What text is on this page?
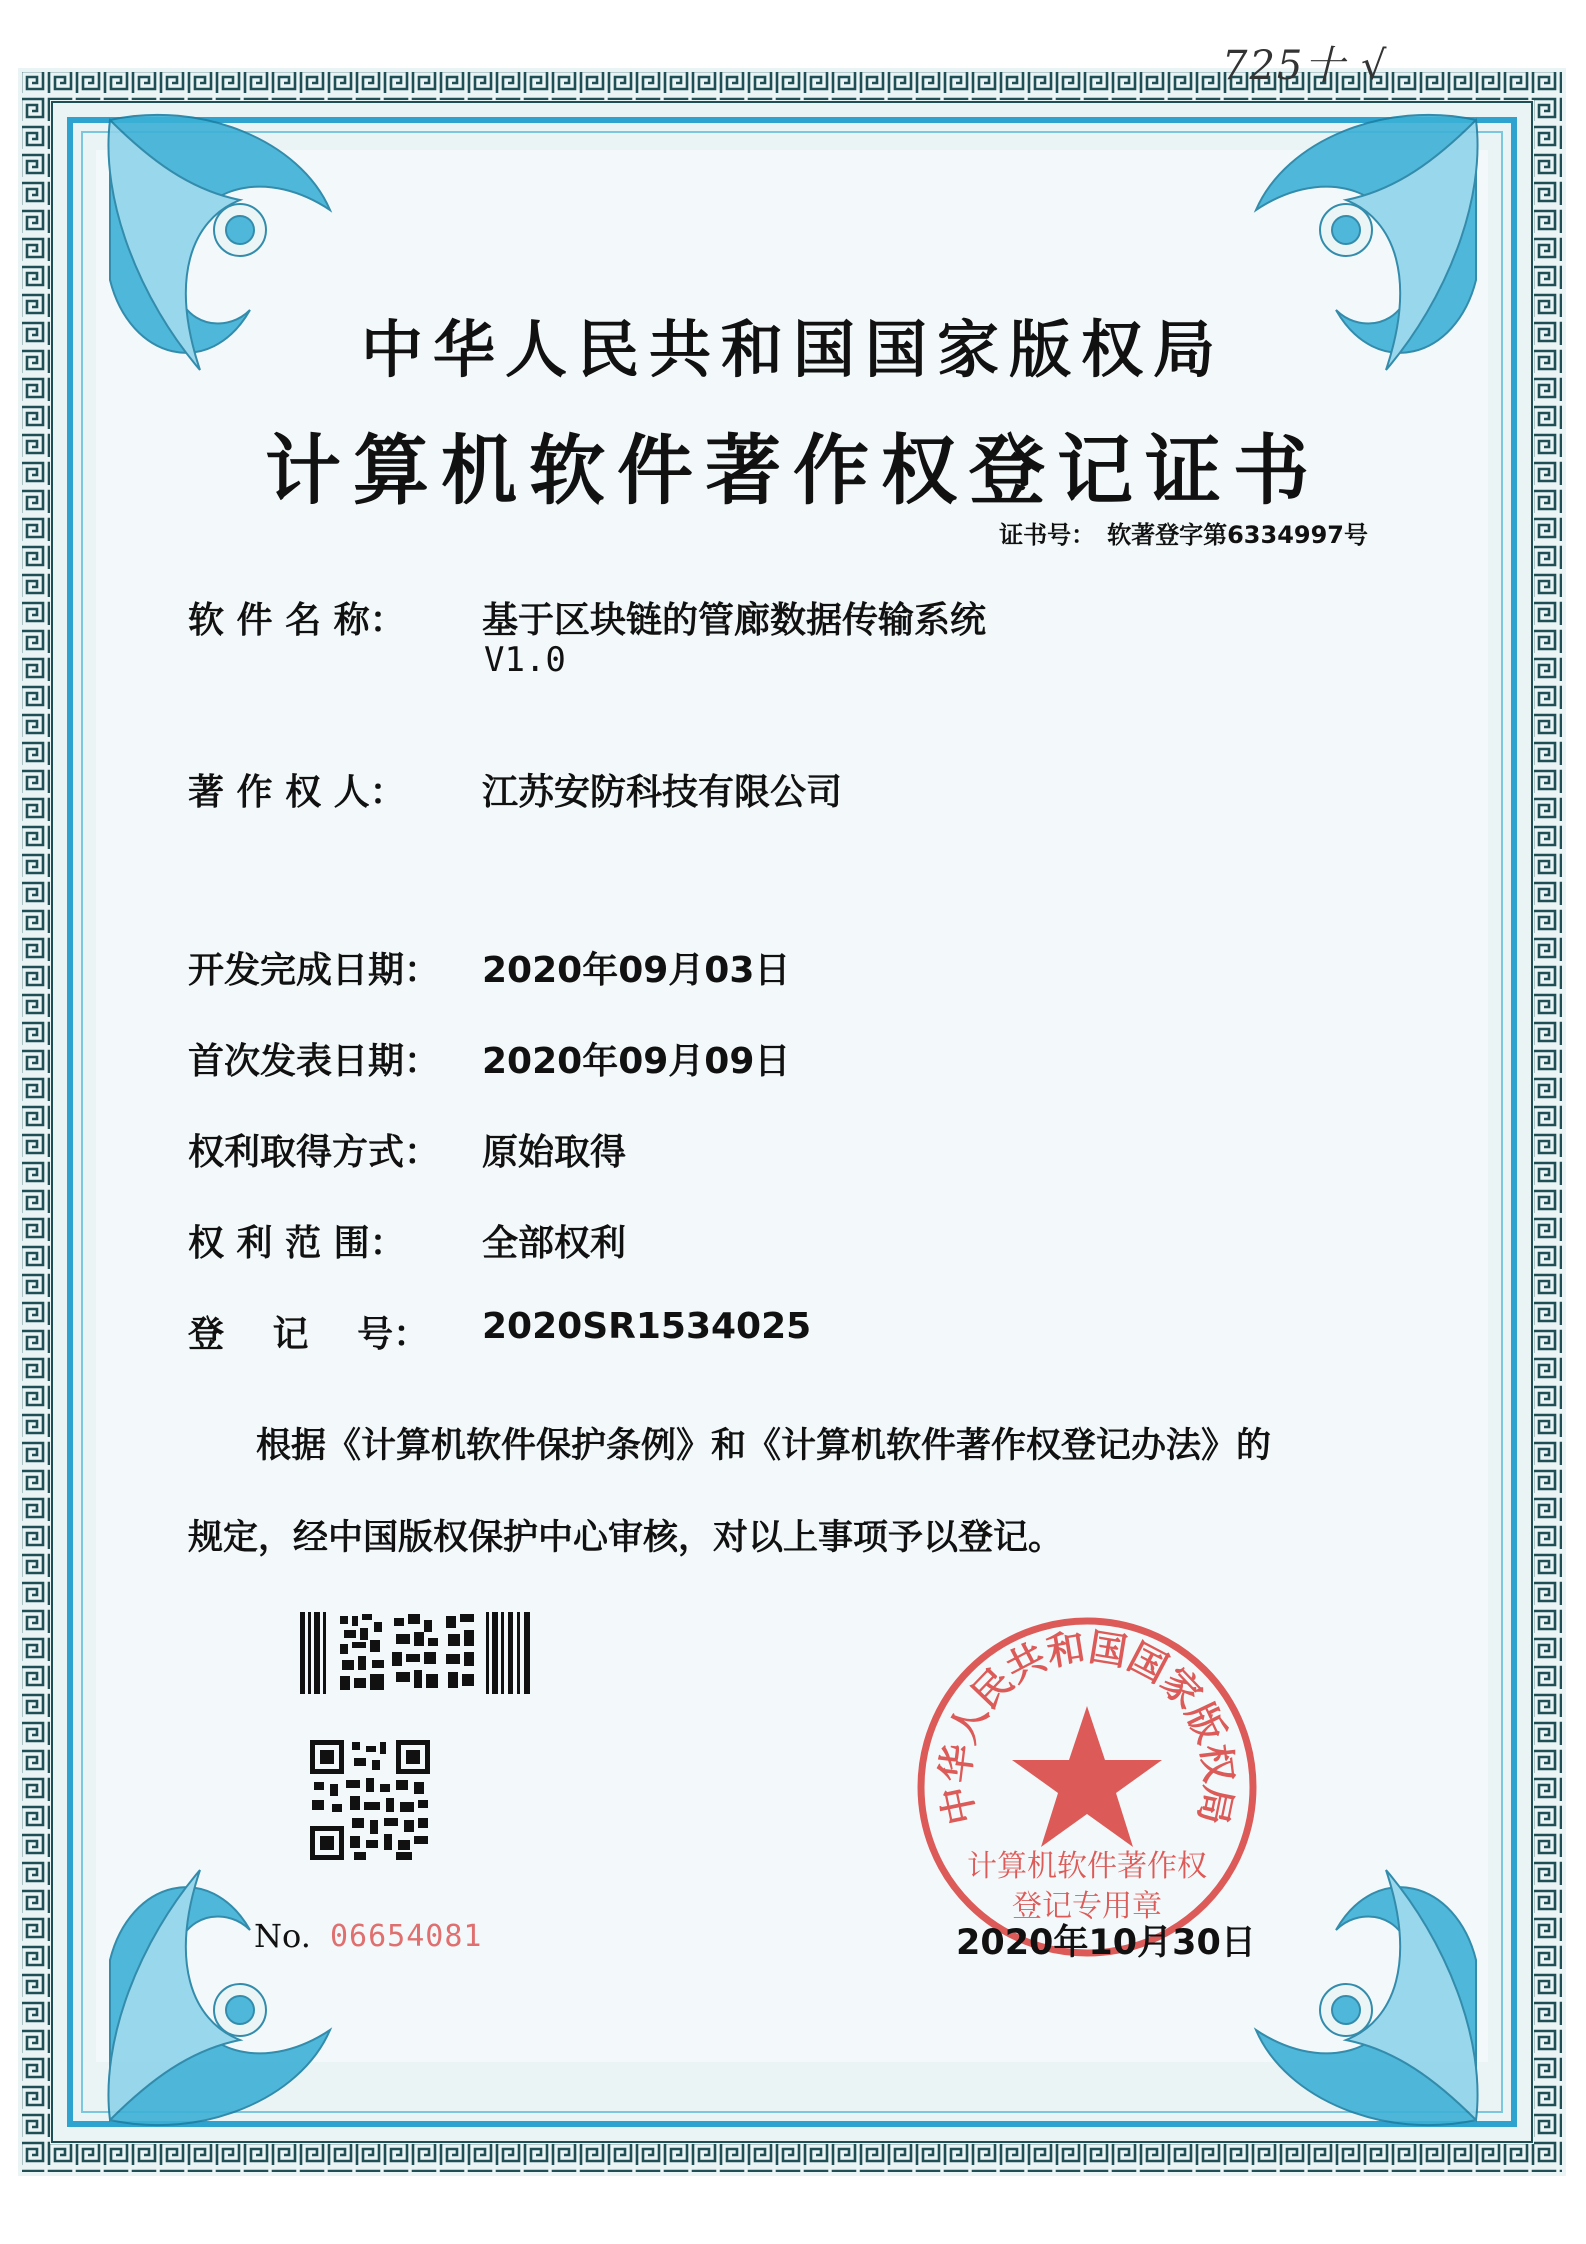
725十 √
中华人民共和国国家版权局
计算机软件著作权登记证书
证书号：　软著登字第6334997号
软 件 名 称： 基于区块链的管廊数据传输系统
V1.0
著 作 权 人： 江苏安防科技有限公司
开发完成日期： 2020年09月03日
首次发表日期： 2020年09月09日
权利取得方式： 原始取得
权 利 范 围： 全部权利
登　 记　 号： 2020SR1534025
根据《计算机软件保护条例》和《计算机软件著作权登记办法》的
规定，经中国版权保护中心审核，对以上事项予以登记。
No. 06654081
中华人民共和国国家版权局
计算机软件著作权
登记专用章
2020年10月30日
